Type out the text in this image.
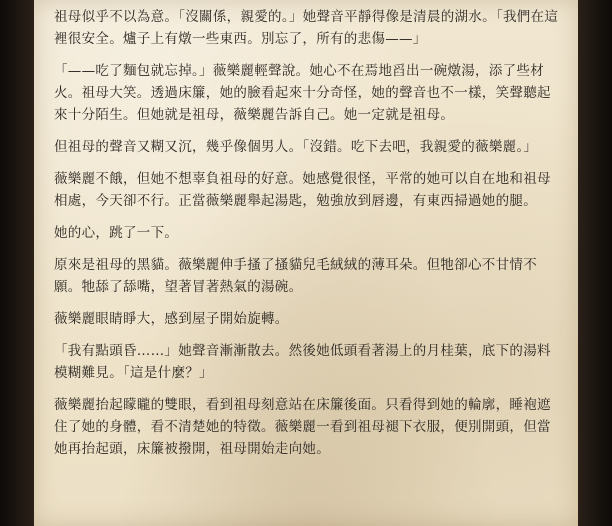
祖母似乎不以為意。「沒關係，親愛的。」她聲音平靜得像是清晨的湖水。「我們在這裡很安全。爐子上有燉一些東西。別忘了，所有的悲傷——」

「——吃了麵包就忘掉。」薇樂麗輕聲說。她心不在焉地舀出一碗燉湯，添了些材火。祖母大笑。透過床簾，她的臉看起來十分奇怪，她的聲音也不一樣，笑聲聽起來十分陌生。但她就是祖母，薇樂麗告訴自己。她一定就是祖母。

但祖母的聲音又糊又沉，幾乎像個男人。「沒錯。吃下去吧，我親愛的薇樂麗。」

薇樂麗不餓，但她不想辜負祖母的好意。她感覺很怪，平常的她可以自在地和祖母相處，今天卻不行。正當薇樂麗舉起湯匙，勉強放到唇邊，有東西掃過她的腿。

她的心，跳了一下。

原來是祖母的黑貓。薇樂麗伸手搔了搔貓兒毛絨絨的薄耳朵。但牠卻心不甘情不願。牠舔了舔嘴，望著冒著熱氣的湯碗。

薇樂麗眼睛睜大，感到屋子開始旋轉。

「我有點頭昏……」她聲音漸漸散去。然後她低頭看著湯上的月桂葉，底下的湯料模糊難見。「這是什麼？」

薇樂麗抬起矇矓的雙眼，看到祖母刻意站在床簾後面。只看得到她的輪廓，睡袍遮住了她的身體，看不清楚她的特徵。薇樂麗一看到祖母褪下衣服，便別開頭，但當她再抬起頭，床簾被撥開，祖母開始走向她。
